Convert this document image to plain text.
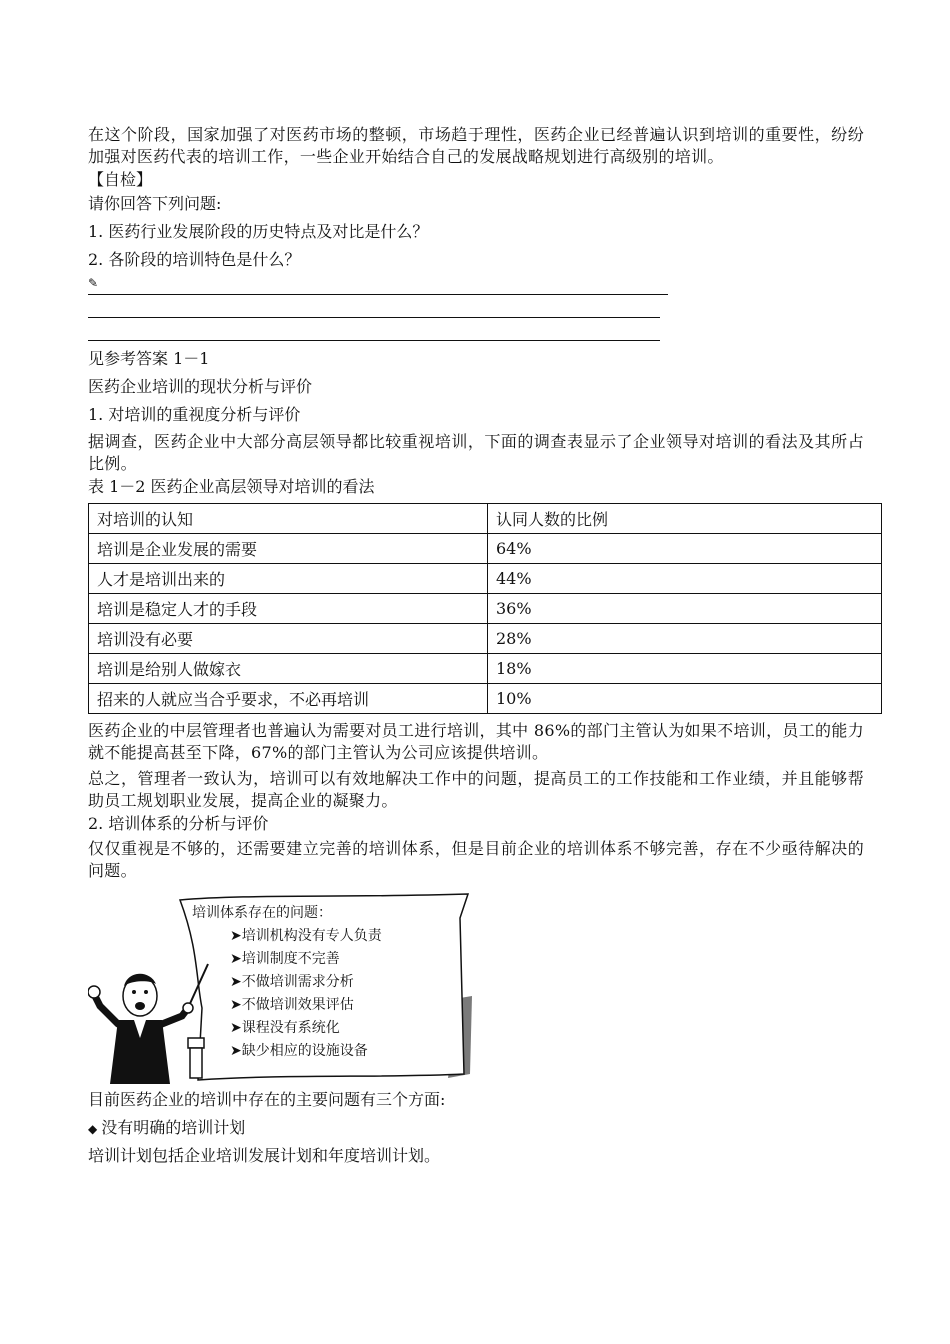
在这个阶段，国家加强了对医药市场的整顿，市场趋于理性，医药企业已经普遍认识到培训的重要性，纷纷加强对医药代表的培训工作，一些企业开始结合自己的发展战略规划进行高级别的培训。

【自检】

请你回答下列问题:

1. 医药行业发展阶段的历史特点及对比是什么？

2. 各阶段的培训特色是什么？

✎

见参考答案 1－1

医药企业培训的现状分析与评价

1. 对培训的重视度分析与评价

据调查，医药企业中大部分高层领导都比较重视培训，下面的调查表显示了企业领导对培训的看法及其所占比例。

表 1－2 医药企业高层领导对培训的看法

对培训的认知	认同人数的比例
培训是企业发展的需要	64%
人才是培训出来的	44%
培训是稳定人才的手段	36%
培训没有必要	28%
培训是给别人做嫁衣	18%
招来的人就应当合乎要求，不必再培训	10%

医药企业的中层管理者也普遍认为需要对员工进行培训，其中 86%的部门主管认为如果不培训，员工的能力就不能提高甚至下降，67%的部门主管认为公司应该提供培训。

总之，管理者一致认为，培训可以有效地解决工作中的问题，提高员工的工作技能和工作业绩，并且能够帮助员工规划职业发展，提高企业的凝聚力。

2. 培训体系的分析与评价

仅仅重视是不够的，还需要建立完善的培训体系，但是目前企业的培训体系不够完善，存在不少亟待解决的问题。

培训体系存在的问题：
➤培训机构没有专人负责
➤培训制度不完善
➤不做培训需求分析
➤不做培训效果评估
➤课程没有系统化
➤缺少相应的设施设备

目前医药企业的培训中存在的主要问题有三个方面:

◆ 没有明确的培训计划

培训计划包括企业培训发展计划和年度培训计划。
